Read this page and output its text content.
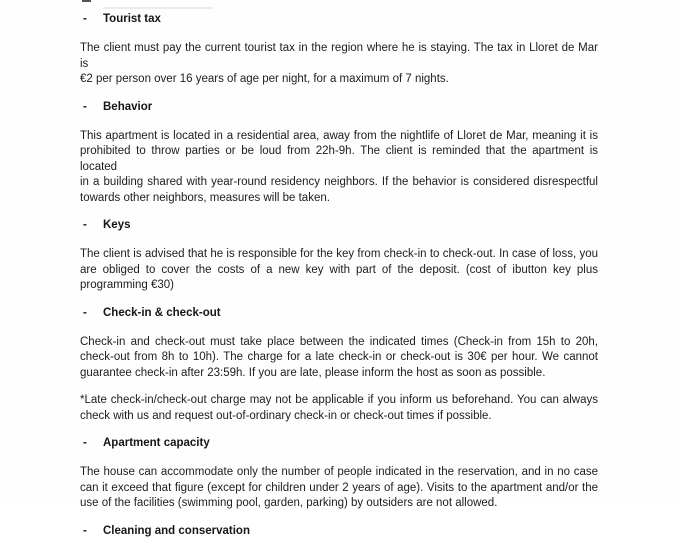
-	Tourist tax

The client must pay the current tourist tax in the region where he is staying. The tax in Lloret de Mar is
€2 per person over 16 years of age per night, for a maximum of 7 nights.

-	Behavior

This apartment is located in a residential area, away from the nightlife of Lloret de Mar, meaning it is
prohibited to throw parties or be loud from 22h-9h. The client is reminded that the apartment is located
in a building shared with year-round residency neighbors. If the behavior is considered disrespectful
towards other neighbors, measures will be taken.

-	Keys

The client is advised that he is responsible for the key from check-in to check-out. In case of loss, you
are obliged to cover the costs of a new key with part of the deposit. (cost of ibutton key plus
programming €30)

-	Check-in & check-out

Check-in and check-out must take place between the indicated times (Check-in from 15h to 20h,
check-out from 8h to 10h). The charge for a late check-in or check-out is 30€ per hour. We cannot
guarantee check-in after 23:59h. If you are late, please inform the host as soon as possible.

*Late check-in/check-out charge may not be applicable if you inform us beforehand. You can always
check with us and request out-of-ordinary check-in or check-out times if possible.

-	Apartment capacity

The house can accommodate only the number of people indicated in the reservation, and in no case
can it exceed that figure (except for children under 2 years of age). Visits to the apartment and/or the
use of the facilities (swimming pool, garden, parking) by outsiders are not allowed.

-	Cleaning and conservation
